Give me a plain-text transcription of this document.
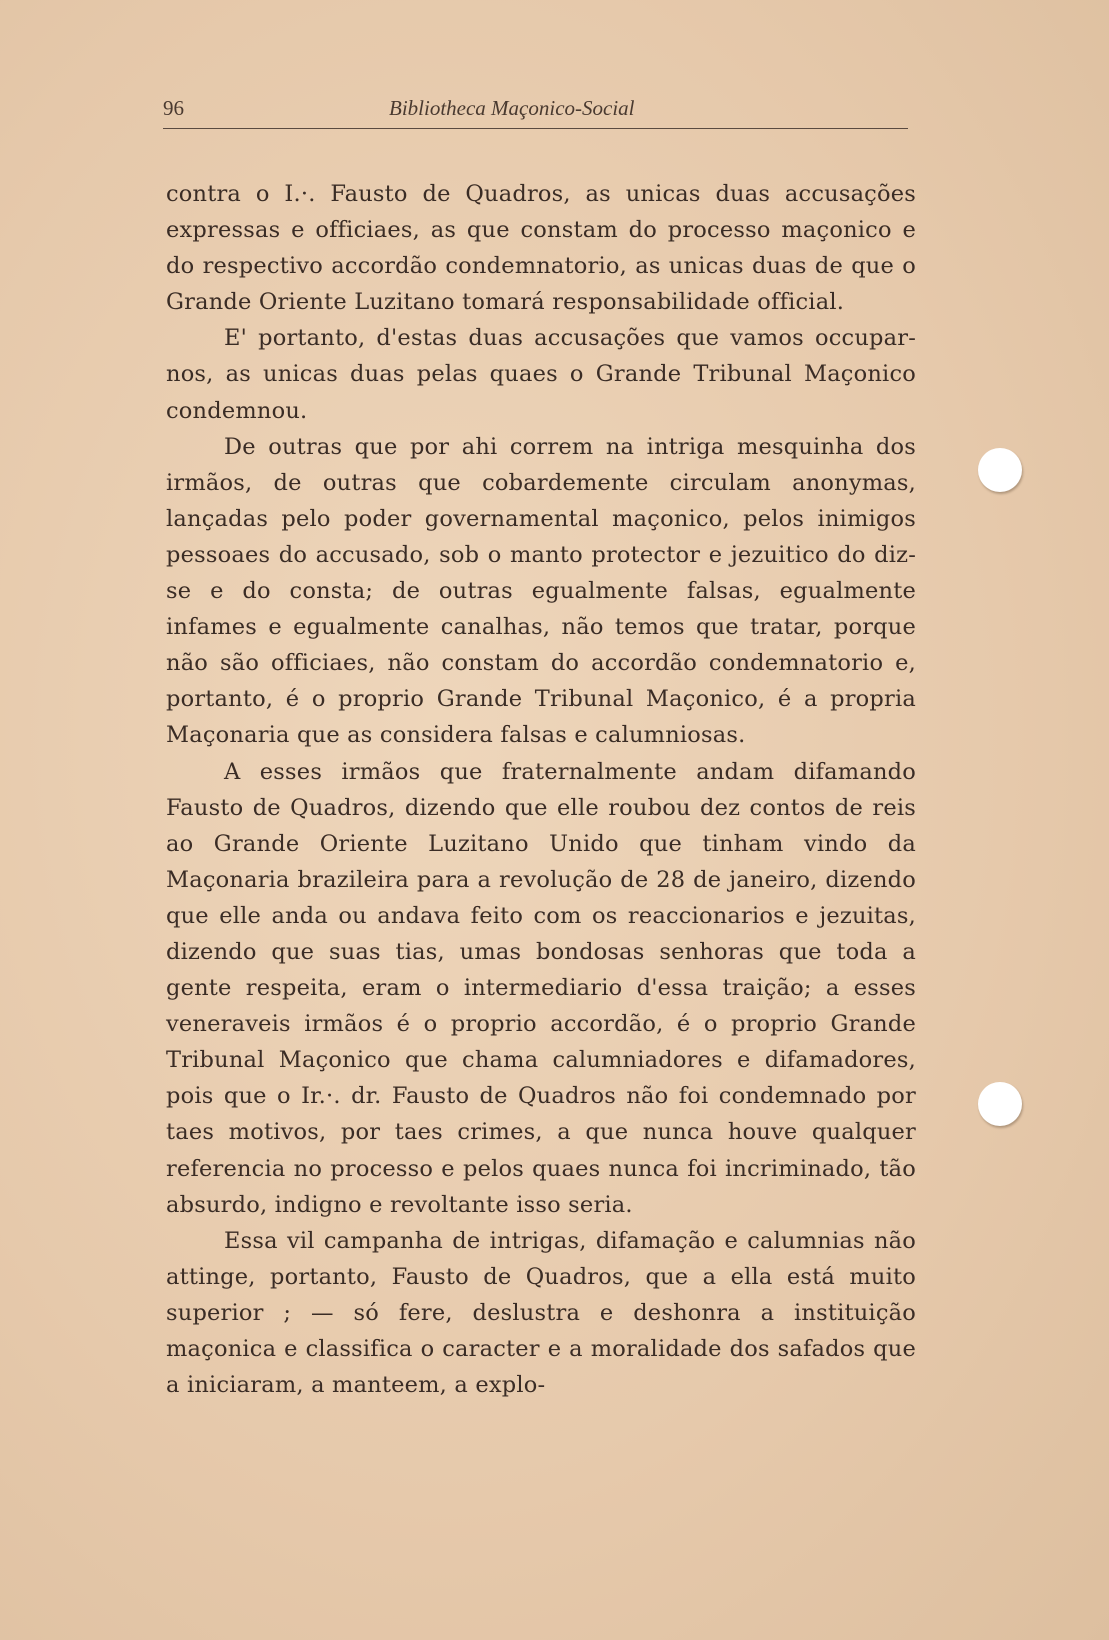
96	Bibliotheca Maçonico-Social

contra o I.·. Fausto de Quadros, as unicas duas accusações expressas e officiaes, as que constam do processo maçonico e do respectivo accordão condemnatorio, as unicas duas de que o Grande Oriente Luzitano tomará responsabilidade official.

E' portanto, d'estas duas accusações que vamos occupar-nos, as unicas duas pelas quaes o Grande Tribunal Maçonico condemnou.

De outras que por ahi correm na intriga mesquinha dos irmãos, de outras que cobardemente circulam anonymas, lançadas pelo poder governamental maçonico, pelos inimigos pessoaes do accusado, sob o manto protector e jezuitico do diz-se e do consta; de outras egualmente falsas, egualmente infames e egualmente canalhas, não temos que tratar, porque não são officiaes, não constam do accordão condemnatorio e, portanto, é o proprio Grande Tribunal Maçonico, é a propria Maçonaria que as considera falsas e calumniosas.

A esses irmãos que fraternalmente andam difamando Fausto de Quadros, dizendo que elle roubou dez contos de reis ao Grande Oriente Luzitano Unido que tinham vindo da Maçonaria brazileira para a revolução de 28 de janeiro, dizendo que elle anda ou andava feito com os reaccionarios e jezuitas, dizendo que suas tias, umas bondosas senhoras que toda a gente respeita, eram o intermediario d'essa traição; a esses veneraveis irmãos é o proprio accordão, é o proprio Grande Tribunal Maçonico que chama calumniadores e difamadores, pois que o Ir.·. dr. Fausto de Quadros não foi condemnado por taes motivos, por taes crimes, a que nunca houve qualquer referencia no processo e pelos quaes nunca foi incriminado, tão absurdo, indigno e revoltante isso seria.

Essa vil campanha de intrigas, difamação e calumnias não attinge, portanto, Fausto de Quadros, que a ella está muito superior ; — só fere, deslustra e deshonra a instituição maçonica e classifica o caracter e a moralidade dos safados que a iniciaram, a manteem, a explo-
